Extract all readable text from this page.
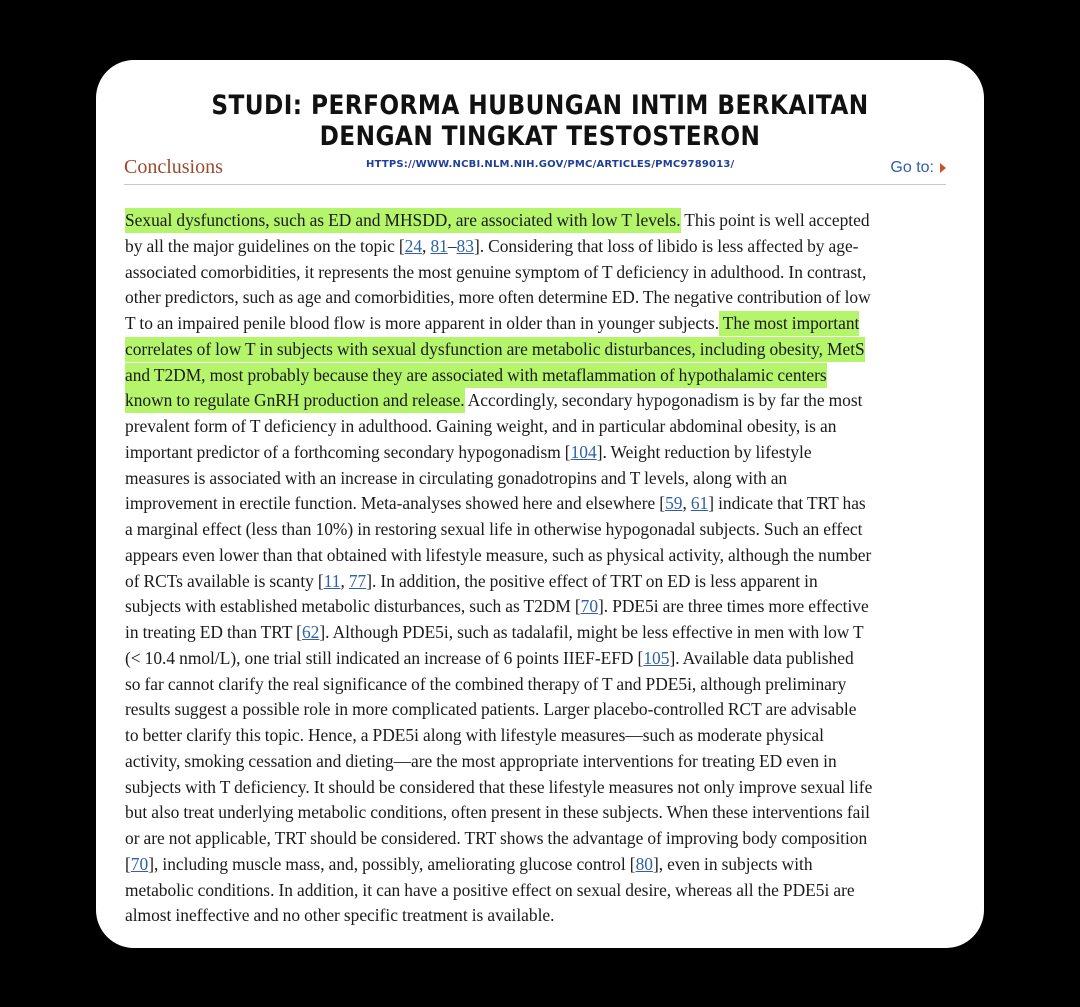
STUDI: PERFORMA HUBUNGAN INTIM BERKAITAN
DENGAN TINGKAT TESTOSTERON
Conclusions	HTTPS://WWW.NCBI.NLM.NIH.GOV/PMC/ARTICLES/PMC9789013/	Go to:
Sexual dysfunctions, such as ED and MHSDD, are associated with low T levels. This point is well accepted
by all the major guidelines on the topic [24, 81–83]. Considering that loss of libido is less affected by age-
associated comorbidities, it represents the most genuine symptom of T deficiency in adulthood. In contrast,
other predictors, such as age and comorbidities, more often determine ED. The negative contribution of low
T to an impaired penile blood flow is more apparent in older than in younger subjects. The most important
correlates of low T in subjects with sexual dysfunction are metabolic disturbances, including obesity, MetS
and T2DM, most probably because they are associated with metaflammation of hypothalamic centers
known to regulate GnRH production and release. Accordingly, secondary hypogonadism is by far the most
prevalent form of T deficiency in adulthood. Gaining weight, and in particular abdominal obesity, is an
important predictor of a forthcoming secondary hypogonadism [104]. Weight reduction by lifestyle
measures is associated with an increase in circulating gonadotropins and T levels, along with an
improvement in erectile function. Meta-analyses showed here and elsewhere [59, 61] indicate that TRT has
a marginal effect (less than 10%) in restoring sexual life in otherwise hypogonadal subjects. Such an effect
appears even lower than that obtained with lifestyle measure, such as physical activity, although the number
of RCTs available is scanty [11, 77]. In addition, the positive effect of TRT on ED is less apparent in
subjects with established metabolic disturbances, such as T2DM [70]. PDE5i are three times more effective
in treating ED than TRT [62]. Although PDE5i, such as tadalafil, might be less effective in men with low T
(< 10.4 nmol/L), one trial still indicated an increase of 6 points IIEF-EFD [105]. Available data published
so far cannot clarify the real significance of the combined therapy of T and PDE5i, although preliminary
results suggest a possible role in more complicated patients. Larger placebo-controlled RCT are advisable
to better clarify this topic. Hence, a PDE5i along with lifestyle measures—such as moderate physical
activity, smoking cessation and dieting—are the most appropriate interventions for treating ED even in
subjects with T deficiency. It should be considered that these lifestyle measures not only improve sexual life
but also treat underlying metabolic conditions, often present in these subjects. When these interventions fail
or are not applicable, TRT should be considered. TRT shows the advantage of improving body composition
[70], including muscle mass, and, possibly, ameliorating glucose control [80], even in subjects with
metabolic conditions. In addition, it can have a positive effect on sexual desire, whereas all the PDE5i are
almost ineffective and no other specific treatment is available.
